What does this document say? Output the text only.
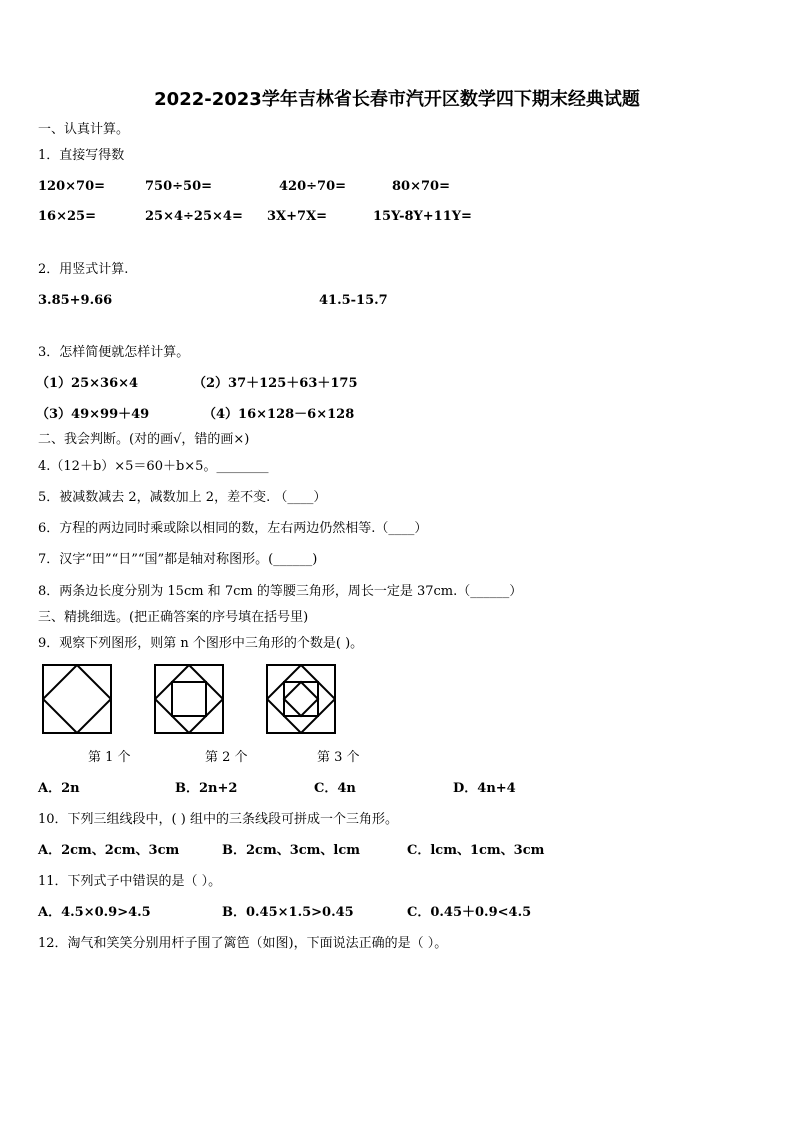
2022-2023学年吉林省长春市汽开区数学四下期末经典试题
一、认真计算。
1．直接写得数
120×70=	750÷50=	420÷70=	80×70=
16×25=	25×4÷25×4= 3X+7X=	15Y-8Y+11Y=
2．用竖式计算.
3.85+9.66	41.5-15.7
3．怎样简便就怎样计算。
（1）25×36×4	（2）37＋125＋63＋175
（3）49×99＋49	（4）16×128－6×128
二、我会判断。(对的画√，错的画×)
4.（12＋b）×5＝60＋b×5。________
5．被减数减去 2，减数加上 2，差不变. （____）
6．方程的两边同时乘或除以相同的数，左右两边仍然相等.（____）
7．汉字“田”“日”“国”都是轴对称图形。(______)
8．两条边长度分别为 15cm 和 7cm 的等腰三角形，周长一定是 37cm.（______）
三、精挑细选。(把正确答案的序号填在括号里)
9．观察下列图形，则第 n 个图形中三角形的个数是( )。
第 1 个	第 2 个	第 3 个
A．2n	B．2n+2	C．4n	D．4n+4
10．下列三组线段中，( ) 组中的三条线段可拼成一个三角形。
A．2cm、2cm、3cm	B．2cm、3cm、lcm	C．lcm、1cm、3cm
11．下列式子中错误的是（ ）。
A．4.5×0.9>4.5	B．0.45×1.5>0.45	C．0.45＋0.9<4.5
12．淘气和笑笑分别用杆子围了篱笆（如图)，下面说法正确的是（ ）。
